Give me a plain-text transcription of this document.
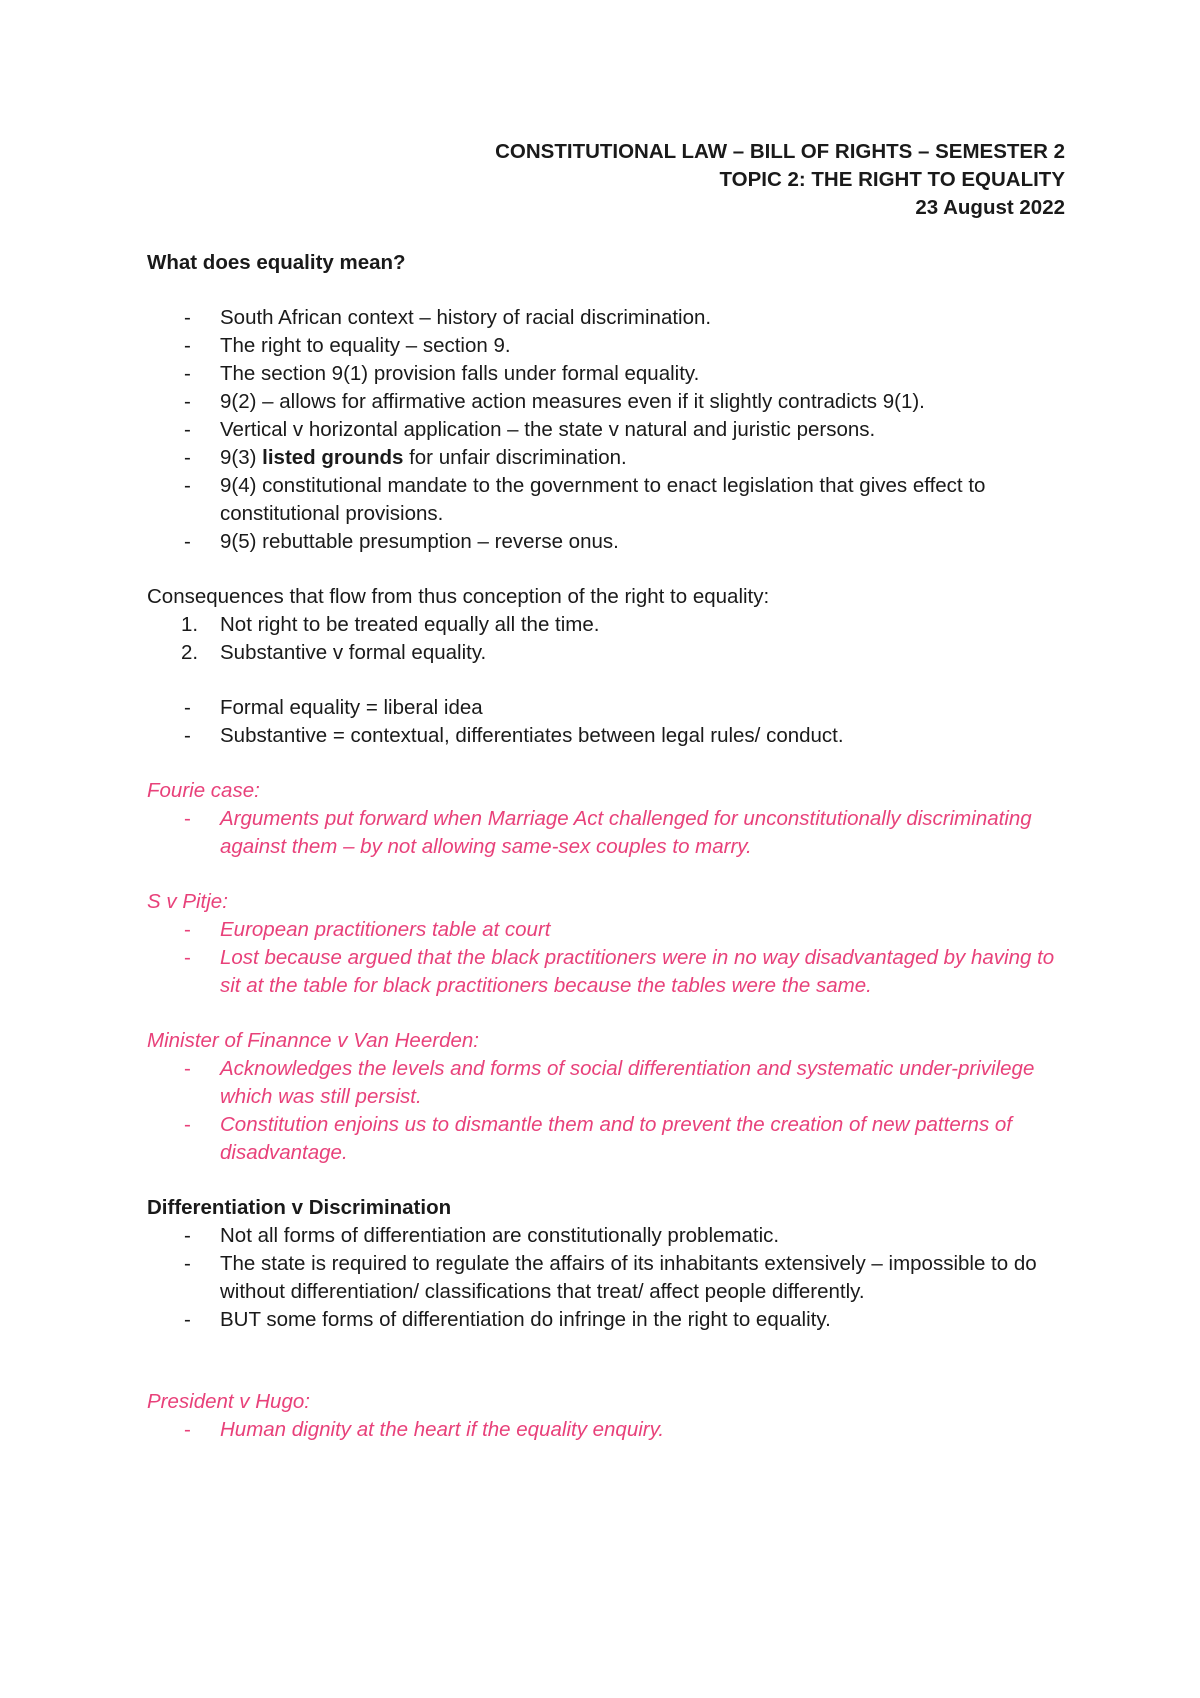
CONSTITUTIONAL LAW – BILL OF RIGHTS – SEMESTER 2
TOPIC 2: THE RIGHT TO EQUALITY
23 August 2022
What does equality mean?
- South African context – history of racial discrimination.
- The right to equality – section 9.
- The section 9(1) provision falls under formal equality.
- 9(2) – allows for affirmative action measures even if it slightly contradicts 9(1).
- Vertical v horizontal application – the state v natural and juristic persons.
- 9(3) listed grounds for unfair discrimination.
- 9(4) constitutional mandate to the government to enact legislation that gives effect to constitutional provisions.
- 9(5) rebuttable presumption – reverse onus.
Consequences that flow from thus conception of the right to equality:
1. Not right to be treated equally all the time.
2. Substantive v formal equality.
- Formal equality = liberal idea
- Substantive = contextual, differentiates between legal rules/ conduct.
Fourie case:
- Arguments put forward when Marriage Act challenged for unconstitutionally discriminating against them – by not allowing same-sex couples to marry.
S v Pitje:
- European practitioners table at court
- Lost because argued that the black practitioners were in no way disadvantaged by having to sit at the table for black practitioners because the tables were the same.
Minister of Finannce v Van Heerden:
- Acknowledges the levels and forms of social differentiation and systematic under-privilege which was still persist.
- Constitution enjoins us to dismantle them and to prevent the creation of new patterns of disadvantage.
Differentiation v Discrimination
- Not all forms of differentiation are constitutionally problematic.
- The state is required to regulate the affairs of its inhabitants extensively – impossible to do without differentiation/ classifications that treat/ affect people differently.
- BUT some forms of differentiation do infringe in the right to equality.
President v Hugo:
- Human dignity at the heart if the equality enquiry.
